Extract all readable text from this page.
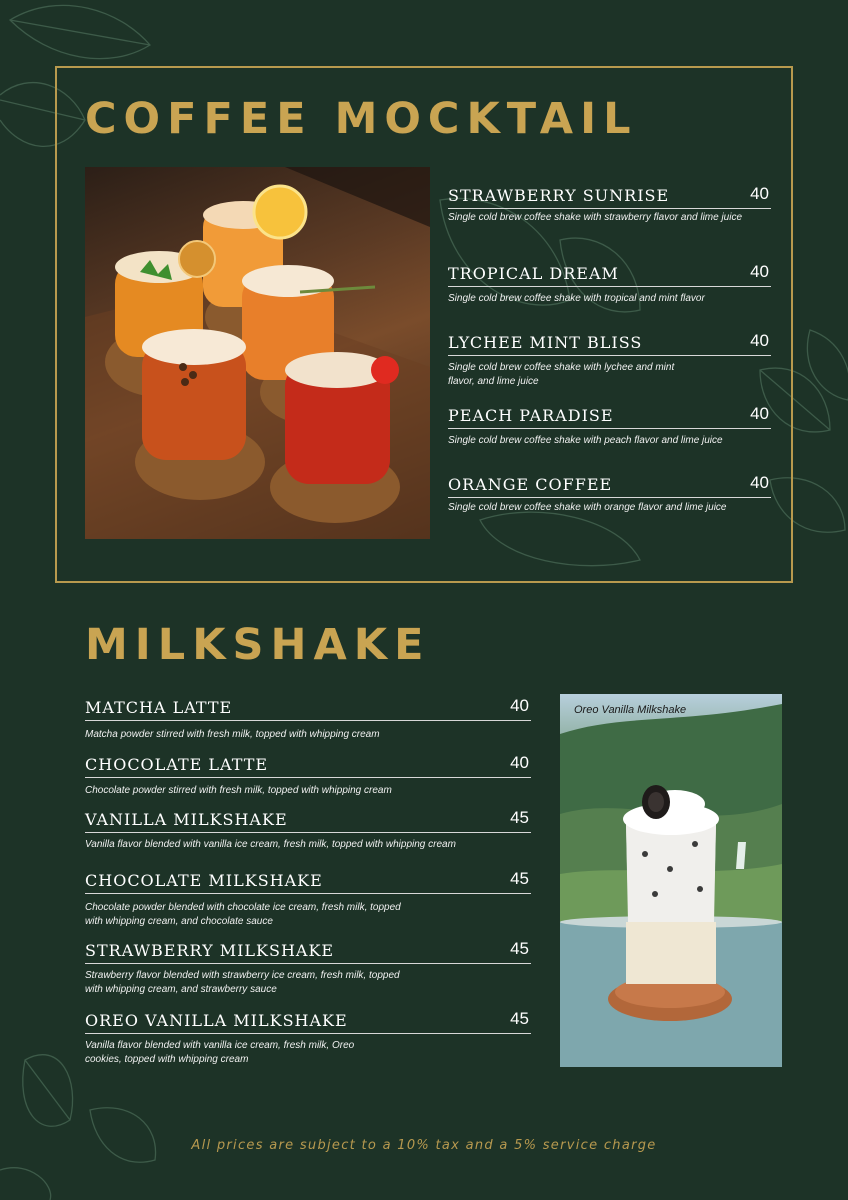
COFFEE MOCKTAIL
STRAWBERRY SUNRISE	40
Single cold brew coffee shake with strawberry flavor and lime juice
TROPICAL DREAM	40
Single cold brew coffee shake with tropical and mint flavor
LYCHEE MINT BLISS	40
Single cold brew coffee shake with lychee and mint
flavor, and lime juice
PEACH PARADISE	40
Single cold brew coffee shake with peach flavor and lime juice
ORANGE COFFEE	40
Single cold brew coffee shake with orange flavor and lime juice
MILKSHAKE
MATCHA LATTE	40
Matcha powder stirred with fresh milk, topped with whipping cream
CHOCOLATE LATTE	40
Chocolate powder stirred with fresh milk, topped with whipping cream
VANILLA MILKSHAKE	45
Vanilla flavor blended with vanilla ice cream, fresh milk, topped with whipping cream
CHOCOLATE MILKSHAKE	45
Chocolate powder blended with chocolate ice cream, fresh milk, topped
with whipping cream, and chocolate sauce
STRAWBERRY MILKSHAKE	45
Strawberry flavor blended with strawberry ice cream, fresh milk, topped
with whipping cream, and strawberry sauce
OREO VANILLA MILKSHAKE	45
Vanilla flavor blended with vanilla ice cream, fresh milk, Oreo
cookies, topped with whipping cream
Oreo Vanilla Milkshake
All prices are subject to a 10% tax and a 5% service charge
